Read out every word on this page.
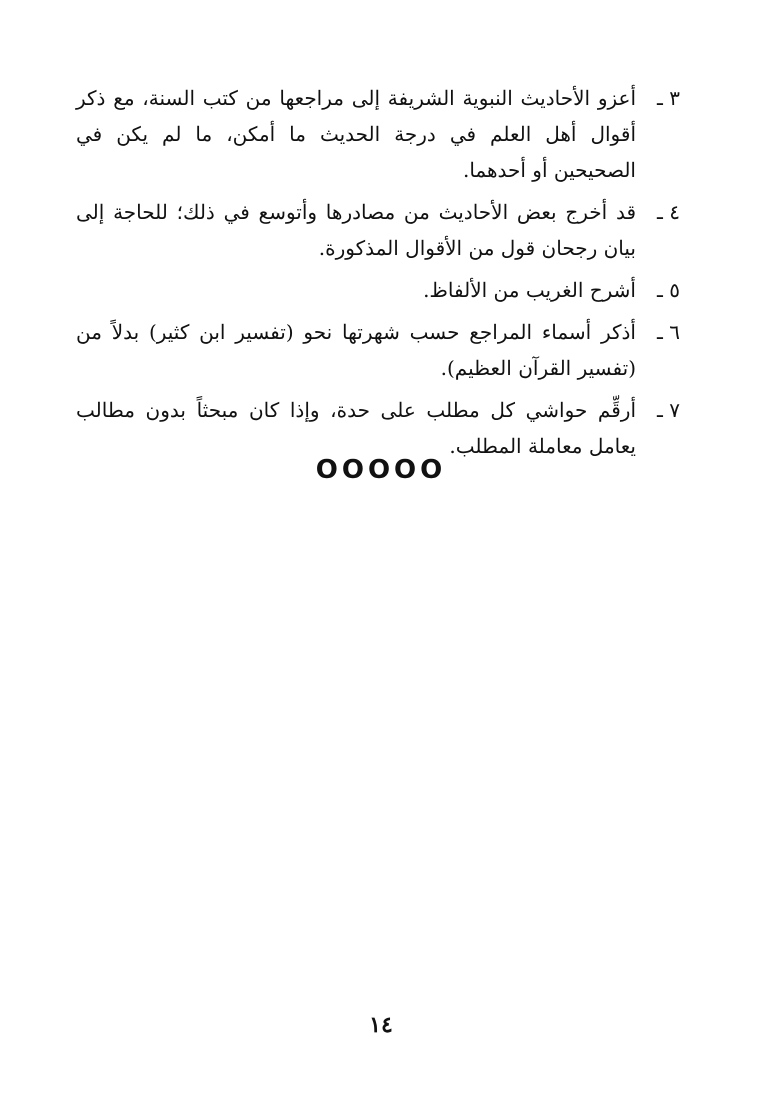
٣ ـ
أعزو الأحاديث النبوية الشريفة إلى مراجعها من كتب السنة، مع ذكر أقوال أهل العلم في درجة الحديث ما أمكن، ما لم يكن في الصحيحين أو أحدهما.
٤ ـ
قد أخرج بعض الأحاديث من مصادرها وأتوسع في ذلك؛ للحاجة إلى بيان رجحان قول من الأقوال المذكورة.
٥ ـ
أشرح الغريب من الألفاظ.
٦ ـ
أذكر أسماء المراجع حسب شهرتها نحو (تفسير ابن كثير) بدلاً من (تفسير القرآن العظيم).
٧ ـ
أرقِّم حواشي كل مطلب على حدة، وإذا كان مبحثاً بدون مطالب يعامل معاملة المطلب.
OOOOO
١٤
